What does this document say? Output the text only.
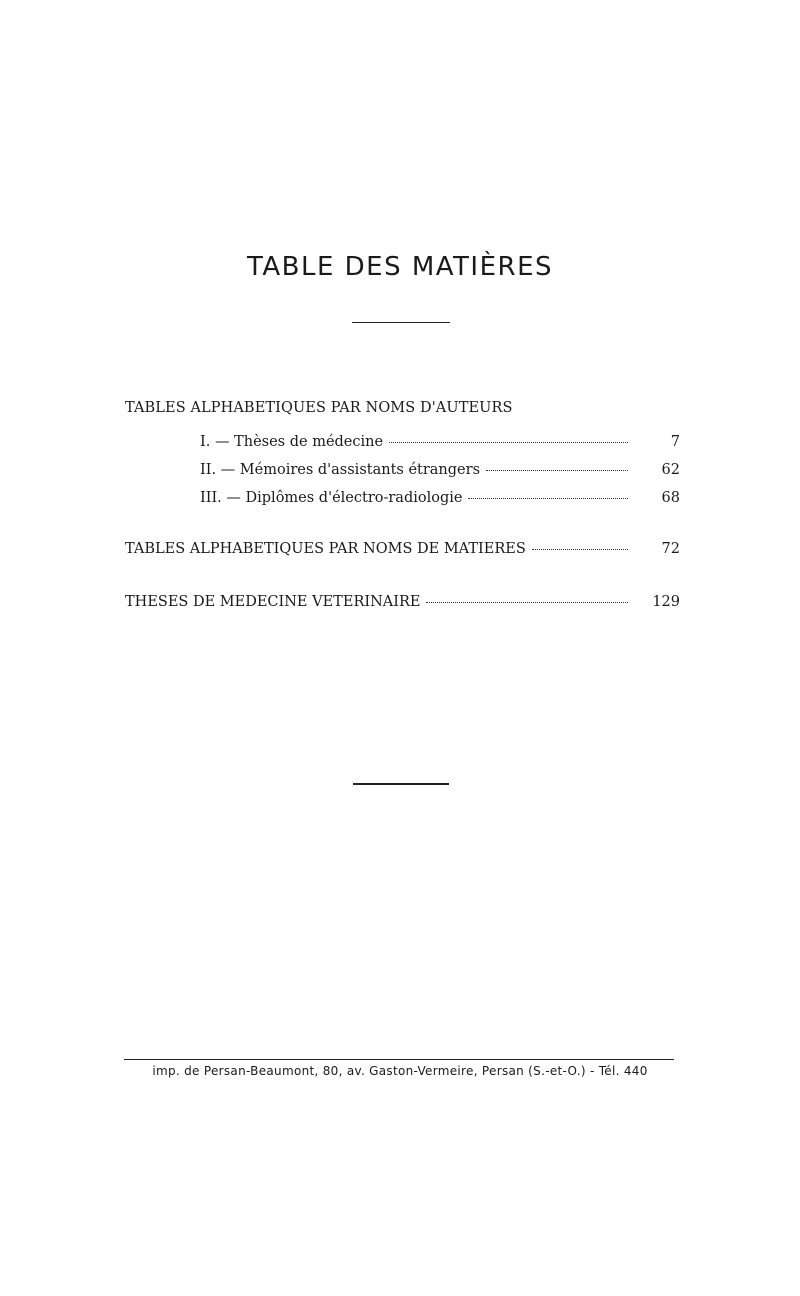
TABLE DES MATIÈRES
TABLES ALPHABETIQUES PAR NOMS D'AUTEURS
I. — Thèses de médecine	7
II. — Mémoires d'assistants étrangers	62
III. — Diplômes d'électro-radiologie	68
TABLES ALPHABETIQUES PAR NOMS DE MATIERES	72
THESES DE MEDECINE VETERINAIRE	129
imp. de Persan-Beaumont, 80, av. Gaston-Vermeire, Persan (S.-et-O.) - Tél. 440
